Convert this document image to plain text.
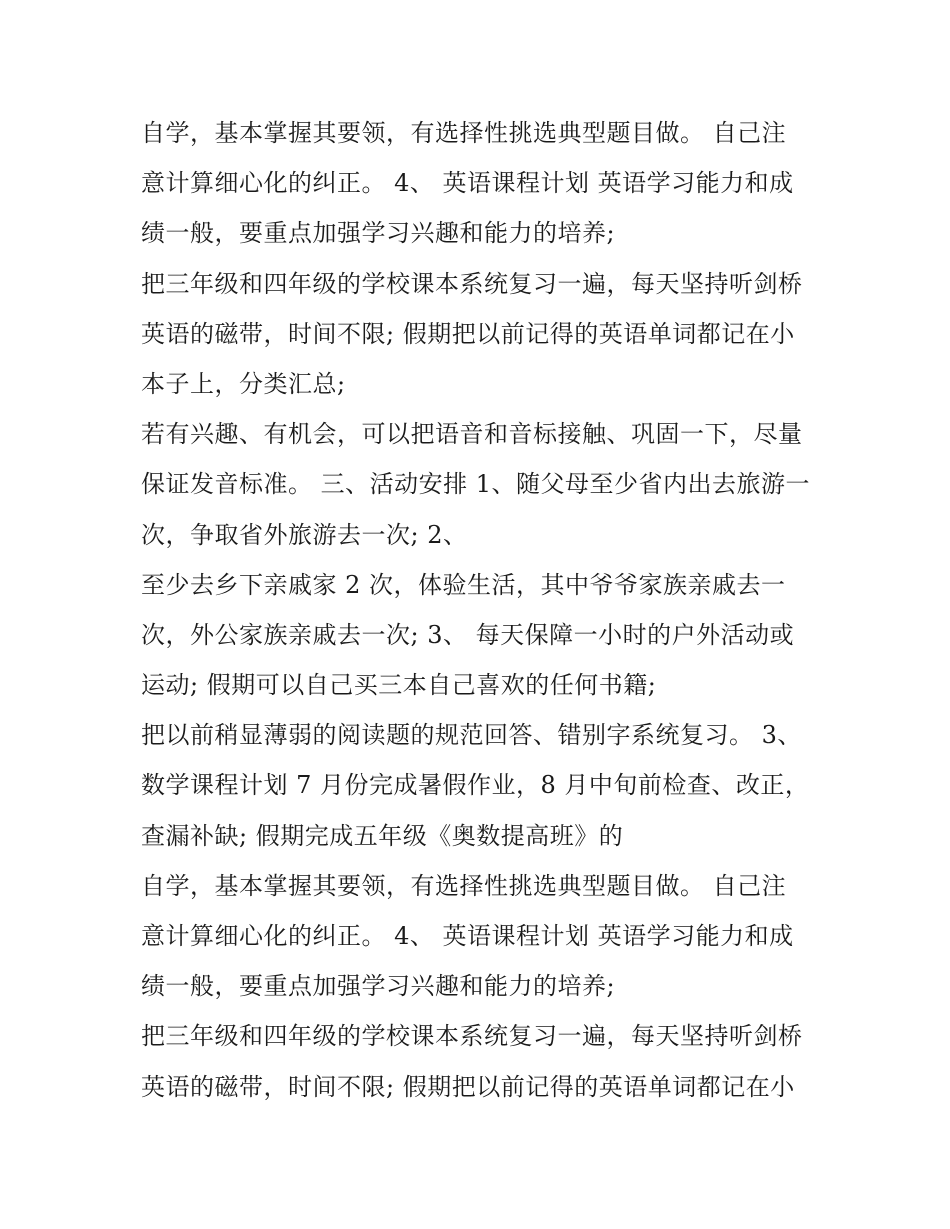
自学，基本掌握其要领，有选择性挑选典型题目做。 自己注
意计算细心化的纠正。 4、 英语课程计划 英语学习能力和成
绩一般，要重点加强学习兴趣和能力的培养;
把三年级和四年级的学校课本系统复习一遍，每天坚持听剑桥
英语的磁带，时间不限; 假期把以前记得的英语单词都记在小
本子上，分类汇总;
若有兴趣、有机会，可以把语音和音标接触、巩固一下，尽量
保证发音标准。 三、活动安排 1、随父母至少省内出去旅游一
次，争取省外旅游去一次; 2、
至少去乡下亲戚家 2 次，体验生活，其中爷爷家族亲戚去一
次，外公家族亲戚去一次; 3、 每天保障一小时的户外活动或
运动; 假期可以自己买三本自己喜欢的任何书籍;
把以前稍显薄弱的阅读题的规范回答、错别字系统复习。 3、
数学课程计划 7 月份完成暑假作业，8 月中旬前检查、改正，
查漏补缺; 假期完成五年级《奥数提高班》的
自学，基本掌握其要领，有选择性挑选典型题目做。 自己注
意计算细心化的纠正。 4、 英语课程计划 英语学习能力和成
绩一般，要重点加强学习兴趣和能力的培养;
把三年级和四年级的学校课本系统复习一遍，每天坚持听剑桥
英语的磁带，时间不限; 假期把以前记得的英语单词都记在小
